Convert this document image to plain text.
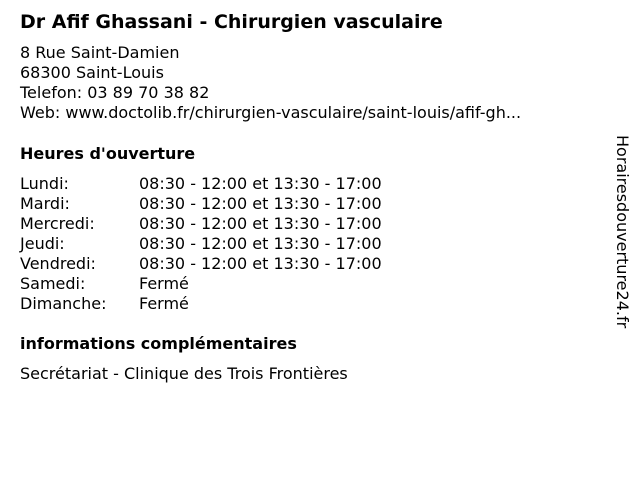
Dr Afif Ghassani - Chirurgien vasculaire
8 Rue Saint-Damien
68300 Saint-Louis
Telefon: 03 89 70 38 82
Web: www.doctolib.fr/chirurgien-vasculaire/saint-louis/afif-gh...
Heures d'ouverture
Lundi:	08:30 - 12:00 et 13:30 - 17:00
Mardi:	08:30 - 12:00 et 13:30 - 17:00
Mercredi:	08:30 - 12:00 et 13:30 - 17:00
Jeudi:	08:30 - 12:00 et 13:30 - 17:00
Vendredi:	08:30 - 12:00 et 13:30 - 17:00
Samedi:	Fermé
Dimanche:	Fermé
informations complémentaires
Secrétariat - Clinique des Trois Frontières
Horairesdouverture24.fr
